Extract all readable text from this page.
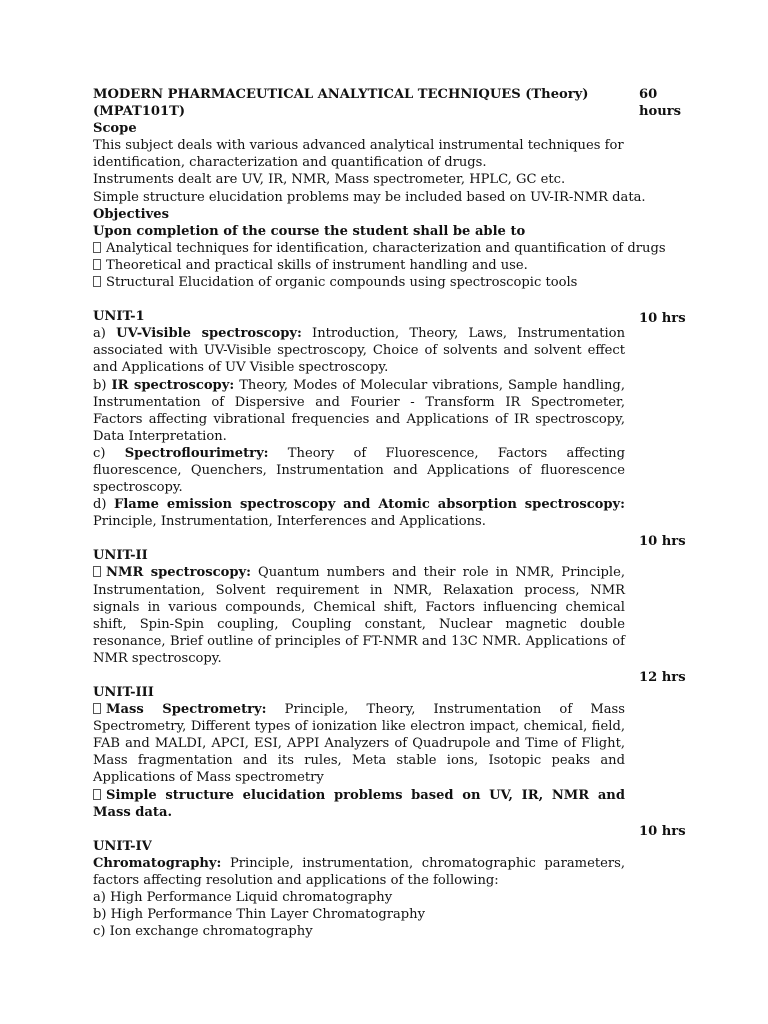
60
hours
10 hrs
10 hrs
12 hrs
10 hrs

MODERN PHARMACEUTICAL ANALYTICAL TECHNIQUES (Theory)

(MPAT101T)

Scope

This subject deals with various advanced analytical instrumental techniques for identification, characterization and quantification of drugs.

Instruments dealt are UV, IR, NMR, Mass spectrometer, HPLC, GC etc.

Simple structure elucidation problems may be included based on UV-IR-NMR data.

Objectives

Upon completion of the course the student shall be able to

Analytical techniques for identification, characterization and quantification of drugs

Theoretical and practical skills of instrument handling and use.

Structural Elucidation of organic compounds using spectroscopic tools

UNIT-1

a) UV-Visible spectroscopy: Introduction, Theory, Laws, Instrumentation associated with UV-Visible spectroscopy, Choice of solvents and solvent effect and Applications of UV Visible spectroscopy.

b) IR spectroscopy: Theory, Modes of Molecular vibrations, Sample handling, Instrumentation of Dispersive and Fourier - Transform IR Spectrometer, Factors affecting vibrational frequencies and Applications of IR spectroscopy, Data Interpretation.

c) Spectroflourimetry: Theory of Fluorescence, Factors affecting fluorescence, Quenchers, Instrumentation and Applications of fluorescence spectroscopy.

d) Flame emission spectroscopy and Atomic absorption spectroscopy: Principle, Instrumentation, Interferences and Applications.

UNIT-II

NMR spectroscopy: Quantum numbers and their role in NMR, Principle, Instrumentation, Solvent requirement in NMR, Relaxation process, NMR signals in various compounds, Chemical shift, Factors influencing chemical shift, Spin-Spin coupling, Coupling constant, Nuclear magnetic double resonance, Brief outline of principles of FT-NMR and 13C NMR. Applications of NMR spectroscopy.

UNIT-III

Mass Spectrometry: Principle, Theory, Instrumentation of Mass Spectrometry, Different types of ionization like electron impact, chemical, field, FAB and MALDI, APCI, ESI, APPI Analyzers of Quadrupole and Time of Flight, Mass fragmentation and its rules, Meta stable ions, Isotopic peaks and Applications of Mass spectrometry

Simple structure elucidation problems based on UV, IR, NMR and Mass data.

UNIT-IV

Chromatography: Principle, instrumentation, chromatographic parameters, factors affecting resolution and applications of the following:

a) High Performance Liquid chromatography

b) High Performance Thin Layer Chromatography

c) Ion exchange chromatography
